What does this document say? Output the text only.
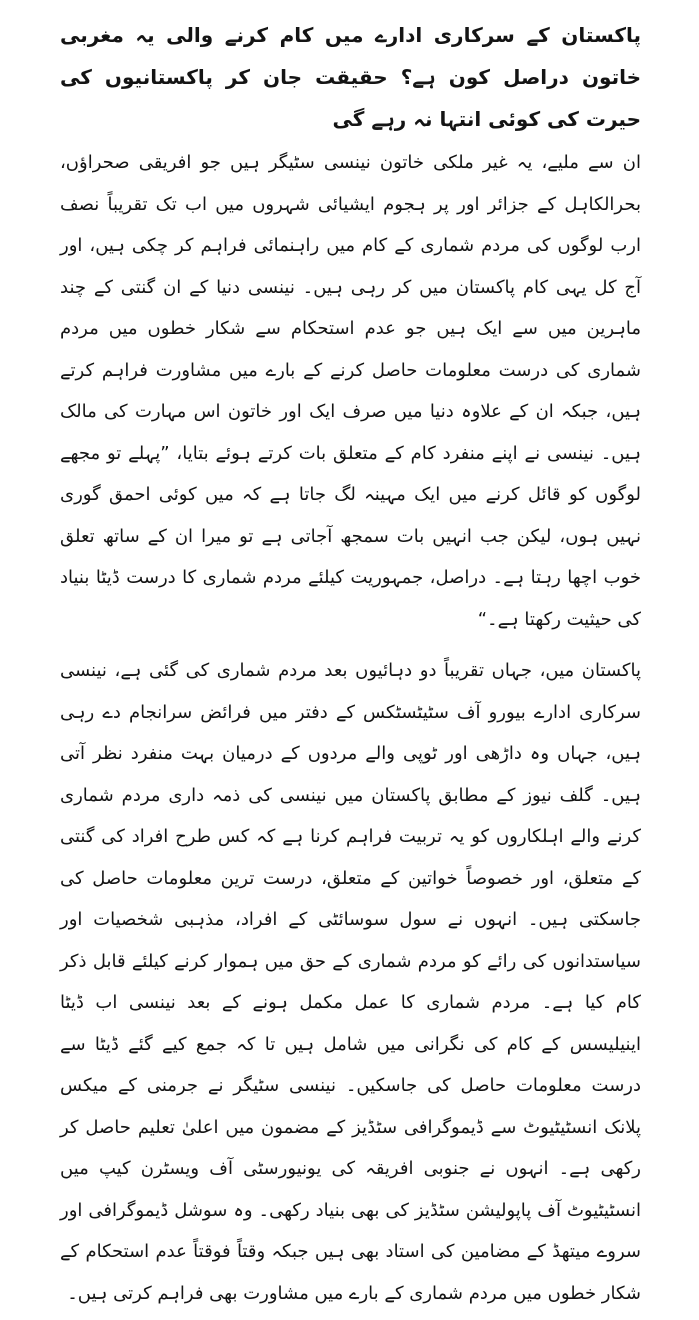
پاکستان کے سرکاری ادارے میں کام کرنے والی یہ مغربی خاتون دراصل کون ہے؟ حقیقت جان کر پاکستانیوں کی حیرت کی کوئی انتہا نہ رہے گی

ان سے ملیے، یہ غیر ملکی خاتون نینسی سٹیگر ہیں جو افریقی صحراؤں، بحرالکاہل کے جزائر اور پر ہجوم ایشیائی شہروں میں اب تک تقریباً نصف ارب لوگوں کی مردم شماری کے کام میں راہنمائی فراہم کر چکی ہیں، اور آج کل یہی کام پاکستان میں کر رہی ہیں۔ نینسی دنیا کے ان گنتی کے چند ماہرین میں سے ایک ہیں جو عدم استحکام سے شکار خطوں میں مردم شماری کی درست معلومات حاصل کرنے کے بارے میں مشاورت فراہم کرتے ہیں، جبکہ ان کے علاوہ دنیا میں صرف ایک اور خاتون اس مہارت کی مالک ہیں۔ نینسی نے اپنے منفرد کام کے متعلق بات کرتے ہوئے بتایا، ”پہلے تو مجھے لوگوں کو قائل کرنے میں ایک مہینہ لگ جاتا ہے کہ میں کوئی احمق گوری نہیں ہوں، لیکن جب انہیں بات سمجھ آجاتی ہے تو میرا ان کے ساتھ تعلق خوب اچھا رہتا ہے۔ دراصل، جمہوریت کیلئے مردم شماری کا درست ڈیٹا بنیاد کی حیثیت رکھتا ہے۔“

پاکستان میں، جہاں تقریباً دو دہائیوں بعد مردم شماری کی گئی ہے، نینسی سرکاری ادارے بیورو آف سٹیٹسٹکس کے دفتر میں فرائض سرانجام دے رہی ہیں، جہاں وہ داڑھی اور ٹوپی والے مردوں کے درمیان بہت منفرد نظر آتی ہیں۔ گلف نیوز کے مطابق پاکستان میں نینسی کی ذمہ داری مردم شماری کرنے والے اہلکاروں کو یہ تربیت فراہم کرنا ہے کہ کس طرح افراد کی گنتی کے متعلق، اور خصوصاً خواتین کے متعلق، درست ترین معلومات حاصل کی جاسکتی ہیں۔ انہوں نے سول سوسائٹی کے افراد، مذہبی شخصیات اور سیاستدانوں کی رائے کو مردم شماری کے حق میں ہموار کرنے کیلئے قابل ذکر کام کیا ہے۔ مردم شماری کا عمل مکمل ہونے کے بعد نینسی اب ڈیٹا اینیلیسس کے کام کی نگرانی میں شامل ہیں تا کہ جمع کیے گئے ڈیٹا سے درست معلومات حاصل کی جاسکیں۔ نینسی سٹیگر نے جرمنی کے میکس پلانک انسٹیٹیوٹ سے ڈیموگرافی سٹڈیز کے مضمون میں اعلیٰ تعلیم حاصل کر رکھی ہے۔ انہوں نے جنوبی افریقہ کی یونیورسٹی آف ویسٹرن کیپ میں انسٹیٹیوٹ آف پاپولیشن سٹڈیز کی بھی بنیاد رکھی۔ وہ سوشل ڈیموگرافی اور سروے میتھڈ کے مضامین کی استاد بھی ہیں جبکہ وقتاً فوقتاً عدم استحکام کے شکار خطوں میں مردم شماری کے بارے میں مشاورت بھی فراہم کرتی ہیں۔
